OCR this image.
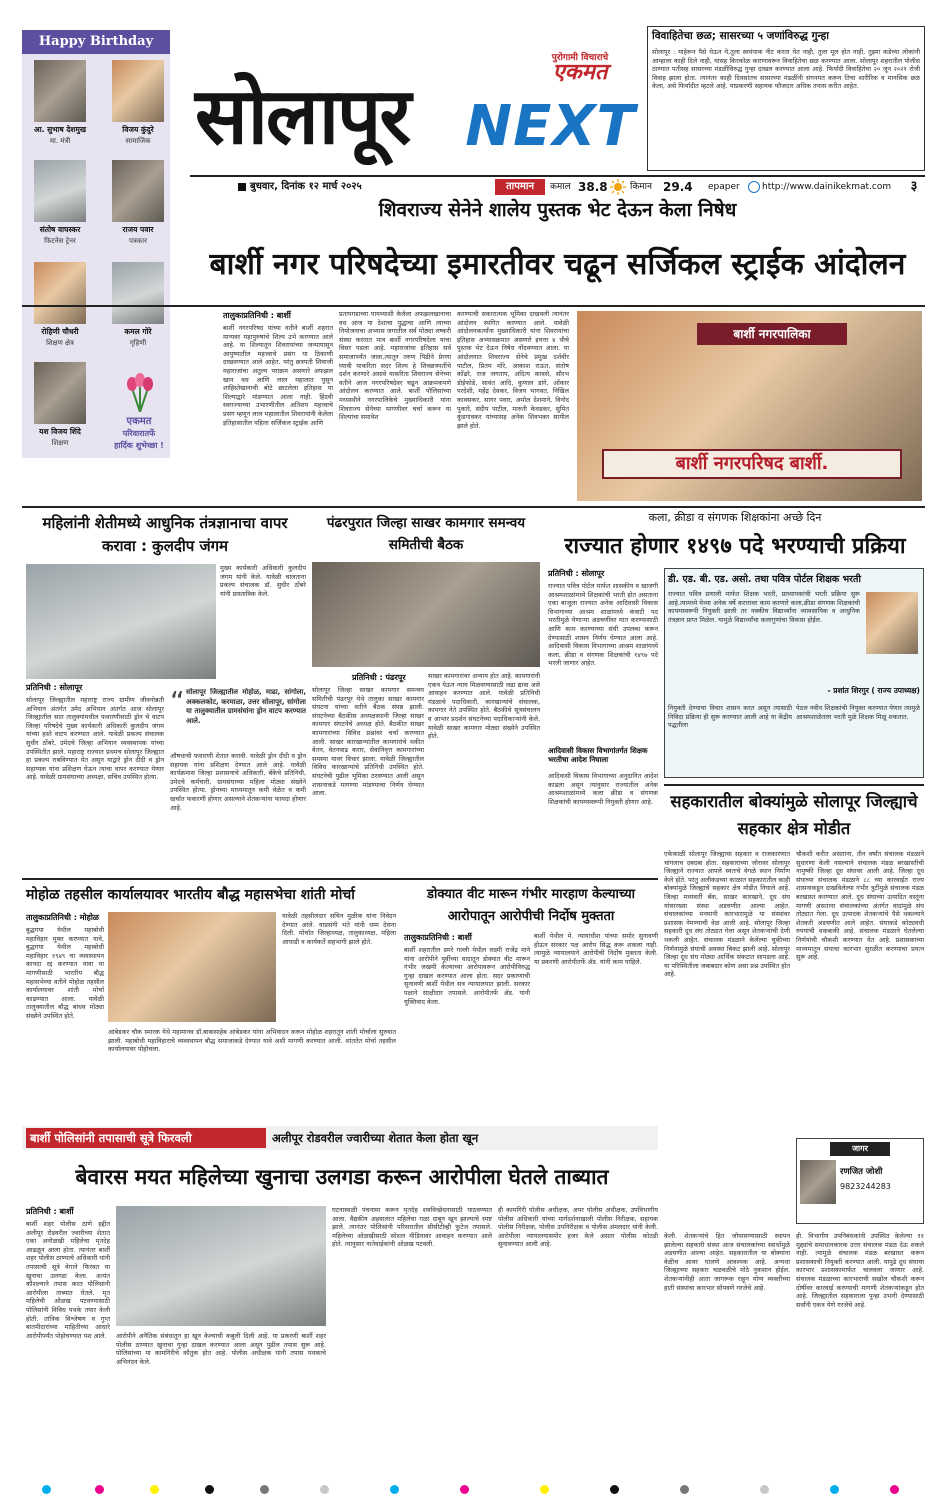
Happy Birthday
आ. सुभाष देशमुख
मा. मंत्री
विजय कुंदुरे
सामाजिक
संतोष वाघस्कर
फिटनेस ट्रेनर
राजय पवार
पत्रकार
रोहिणी चौधरी
शिक्षण क्षेत्र
कमल गोरे
गृहिणी
यश विजय शिंदे
शिक्षण
एकमत
परिवारातर्फे
हार्दिक शुभेच्छा !
सोलापूर
पुरोगामी विचाराचे
एकमत
NEXT
बुधवार, दिनांक १२ मार्च २०२५	तापमान	कमाल 38.8 किमान 29.4	epaper	http://www.dainikekmat.com	३
विवाहितेचा छळ; सासरच्या ५ जणांविरुद्ध गुन्हा
सोलापूर : माहेरून पैसे घेऊन ये,तुला स्वयंपाक नीट करता येत नाही, तुला मूल होत नाही, तुझ्या कडेच्या लोकांनी आम्हाला काही दिले नाही, यासह किरकोळ कारणावरून विवाहितेचा छळ करण्यात आला. सोलापूर शहरातील पोलीस ठाण्यात पतीसह सासरच्या मंडळींविरुद्ध गुन्हा दाखल करण्यात आला आहे. फिर्यादी विवाहितेचा २० जून २०२१ रोजी विवाह झाला होता. त्यानंतर काही दिवसांतच सासरच्या मंडळींनी संगनमत करून तिचा शारीरिक व मानसिक छळ केला, असे फिर्यादीत म्हटले आहे. याप्रकरणी सहायक फौजदार अधिक तपास करीत आहेत.
शिवराज्य सेनेने शालेय पुस्तक भेट देऊन केला निषेध
बार्शी नगर परिषदेच्या इमारतीवर चढून सर्जिकल स्ट्राईक आंदोलन
तालुकाप्रतिनिधी : बार्शी
बार्शी नगरपरिषद यांच्या वतीने बार्शी शहरात मान्यवर महापुरुषांचे शिल्प उभे करण्यात आले आहे. या शिल्पातून शिवरायांच्या जन्मापासून आयुष्यातील महत्त्वाचे प्रसंग या ठिकाणी दाखवण्यात आले आहेत. परंतु छत्रपती शिवाजी महाराजांचा अतुल्य पराक्रम असणारे अफझल खान वध आणि लाल महालात घुसून शाहिस्तेखानाची बोटे छाटलेला इतिहास या शिल्पाद्वारे मांडण्यात आला नाही. हिंदवी स्वराज्याच्या उभारणीतील अतिशय महत्त्वाचे प्रसंग म्हणून लाल महालातील शिवरायांनी केलेला इतिहासातील पहिला सर्जिकल स्ट्राईक आणि
प्रतापगडाच्या पायथ्याशी केलेला अफझलखानाचा वध आज या देशाचा युद्धाचा आणि त्याच्या नियोजनाचा अभ्यास जगातील सर्व मोठ्या लष्करी संस्था करतात मात्र बार्शी नगरपरिषदेला याचा विसर पडला आहे. महाराजांचा इतिहास सर्व समाजापर्यंत जावा,त्यातून तरुण पिढीने प्रेरणा घ्यावी याकरिता सदर शिल्प हे शिवछत्रपतींचे दर्शन करणारे असावे याकरिता शिवराज्य सेनेच्या वतीने आज नगरपरिषदेवर चढून आक्रमकपणे आंदोलन करण्यात आले. बार्शी पोलिसांच्या मध्यस्थीने नगरपालिकेचे मुख्याधिकारी यांना शिवराज्य सेनेच्या मागणीवर चर्चा करून या शिल्पांचा समावेश
करण्याची सकारात्मक भूमिका दाखवली त्यानंतर आंदोलन स्थगित करण्यात आले. यावेळी आंदोलनकर्त्यांना मुख्याधिकारी यांना शिवरायांचा इतिहास अभ्यासक्रमात असणारे इयत्ता ४ थीचे पुस्तक भेट देऊन निषेध नोंदवण्यात आला. या आंदोलनात शिवराज्य सेनेचे प्रमुख दर्शवीर पाटील, प्रितम मोरे, आकाश राऊत, संतोष कोंढरे, राज जगताप, अदित्य कावसे, सौरभ डोईफोडे, सावंत आदि, कुणाल डांगे, ओंकार परदेशी, महेंद्र देवकर, विजय भागवत, निखिल कावसकर, सागर पवार, अमोल देशमाने, विनोद पुकारे, संदीप पाटील, मारुती केवडकर, सुमित कुंडगावकर यांच्यासह अनेक शिवभक्त सामील झाले होते.
बार्शी नगरपालिका
बार्शी नगरपरिषद बार्शी.
महिलांनी शेतीमध्ये आधुनिक तंत्रज्ञानाचा वापर करावा : कुलदीप जंगम
मुख्य कार्यकारी अधिकारी कुलदीप जंगम यांनी केले. यावेळी चालताना प्रकल्प संचालक डॉ. सुधीर ठोंबरे यांनी प्रास्ताविक केले.
प्रतिनिधी : सोलापूर	“ सोलापूर जिल्ह्यातील मोहोळ, माढा, सांगोला, अक्कलकोट, करमाळा, उत्तर सोलापूर, सांगोला या तालुक्यातील ग्रामसंघांना ड्रोन वाटप करण्यात आले.
सोलापूर जिल्ह्यातील महाराष्ट्र राज्य ग्रामीण जीवनोन्नती अभियान अंतर्गत उमेद अभियान अंतर्गत आज सोलापूर जिल्ह्यातील सात तालुक्यांमधील फवारणीसाठी ड्रोन चे वाटप जिल्हा परिषदेचे मुख्य कार्यकारी अधिकारी कुलदीप जंगम यांच्या हस्ते वाटप करण्यात आले. यावेळी प्रकल्प संचालक सुधीर ठोंबरे, उमेदचे जिल्हा अभियान व्यवस्थापक यांच्या उपस्थितीत झाले. महाराष्ट्र राज्यात प्रथमच सोलापूर जिल्ह्यात हा प्रकल्प राबविण्यात येत असून याद्वारे ड्रोन दीदी व ड्रोन सहाय्यक यांना प्रशिक्षण घेऊन त्याचा वापर करण्यात येणार आहे. यावेळी ग्रामसंघाच्या अध्यक्षा, सचिव उपस्थित होत्या.
औषधाची फवारणी शेतात करावी. यावेळी ड्रोन दीदी व ड्रोन सहायक यांना प्रशिक्षण देण्यात आले आहे. यावेळी कार्यक्रमास जिल्हा प्रशासनाचे अधिकारी, बँकेचे प्रतिनिधी, उमेदचे कर्मचारी, ग्रामसंघाच्या महिला मोठ्या संख्येने उपस्थित होत्या. ड्रोनच्या माध्यमातून कमी वेळेत व कमी खर्चात फवारणी होणार असल्याने शेतकऱ्यांना फायदा होणार आहे.
पंढरपुरात जिल्हा साखर कामगार समन्वय समितीची बैठक
प्रतिनिधी : पंढरपूर
सोलापूर जिल्हा साखर कामगार समन्वय समितीची पंढरपूर येथे तालुका साखर कामगार संघटना यांच्या वतीने बैठक संपन्न झाली. संघटनेच्या बैठकीस अध्यक्षस्थानी जिल्हा साखर कामगार संघटनेचे अध्यक्ष होते. बैठकीत साखर कामगारांच्या विविध प्रश्नांवर चर्चा करण्यात आली. साखर कारखान्यांतील कामगारांचे थकीत वेतन, वेतनवाढ करार, सेवानिवृत्त कामगारांच्या समस्या यावर विचार झाला. यावेळी जिल्ह्यातील विविध कारखान्यांचे प्रतिनिधी उपस्थित होते. संघटनेची पुढील भूमिका ठरवण्यात आली असून शासनाकडे मागण्या मांडण्याचा निर्णय घेण्यात आला.
साखर कामगारांवर अन्याय होत आहे. कामगारांनी एकत्र येऊन न्याय मिळवण्यासाठी लढा द्यावा असे आवाहन करण्यात आले. यावेळी प्रतिनिधी मंडळाचे पदाधिकारी, कारखान्यांचे संचालक, कामगार नेते उपस्थित होते. बैठकीचे सूत्रसंचालन व आभार प्रदर्शन संघटनेच्या पदाधिकाऱ्यांनी केले. यावेळी साखर कामगार मोठ्या संख्येने उपस्थित होते.
कला, क्रीडा व संगणक शिक्षकांना अच्छे दिन
राज्यात होणार १४९७ पदे भरण्याची प्रक्रिया
प्रतिनिधी : सोलापूर
राज्यात पवित्र पोर्टल मार्फत शासकीय व खाजगी आश्रमशाळांमध्ये शिक्षकांची भरती होत असताना एका बाजूला राज्यात अनेक आदिवासी विकास विभागाच्या आश्रम शाळांमध्ये कंत्राटी पद भरतीमुळे येणाऱ्या अडचणींवर मात करण्यासाठी आणि काम करण्याच्या संधी उपलब्ध करून देण्यासाठी शासन निर्णय घेण्यात आला आहे. आदिवासी विकास विभागाच्या आश्रम शाळांमध्ये कला, क्रीडा व संगणक शिक्षकांची १४९७ पदे भरली जाणार आहेत.
आदिवासी विकास विभागांतर्गत शिक्षक भरतीचा आदेश निघाला
आदिवासी विकास विभागाच्या अनुदानित आदेश काढला असून त्यानुसार राज्यातील अनेक आश्रमशाळांमध्ये कला क्रीडा व संगणक शिक्षकांची कायमस्वरूपी नियुक्ती होणार आहे.
डी. एड. बी. एड. असो. तथा पवित्र पोर्टल शिक्षक भरती
राज्यात पवित्र प्रणाली मार्फत शिक्षक भरती, प्राध्यापकांची भरती प्रक्रिया सुरू आहे.त्यामध्ये येथ्या अनेक वर्षे करारावर काम करणारे कला,क्रीडा संगणक शिक्षकांची कायमस्वरूपी नियुक्ती झाली तर नक्कीच विद्यार्थ्यांना व्यावसायिक व आधुनिक तंत्रज्ञान प्राप्त मिळेल. यामुळे विद्यार्थ्यांचा कलागुणांचा विकास होईल.
- प्रशांत शिरगुर ( राज्य उपाध्यक्ष)
नियुक्ती देण्याचा विचार शासन करत असून त्यासाठी निविदा प्रक्रिया ही सुरू करण्यात आली आहे या केंद्रीय पद्धतीला
पेठल नवीन शिक्षकांची नियुक्त करण्यात येणार त्यामुळे आश्रमशाळेतला भरती मुळे शिक्षक मिळू शकतात.
सहकारातील बोक्यांमुळे सोलापूर जिल्ह्याचे सहकार क्षेत्र मोडीत
एकेकाळी सोलापूर जिल्ह्याचा सहकार व राजकारणात चांगलाच दबदबा होता. सहकाराच्या जोरावर सोलापूर जिल्ह्याने राज्यात आपले स्वतःचे वेगळे स्थान निर्माण केले होते. परंतु अलीकडच्या काळात सहकारातील काही बोक्यांमुळे जिल्ह्याचे सहकार क्षेत्र मोडीत निघाले आहे. जिल्हा मध्यवर्ती बँक, साखर कारखाने, दूध संघ यांसारख्या संस्था अडचणीत आल्या आहेत. संचालकांच्या मनमानी कारभारामुळे या संस्थांवर प्रशासक नेमण्याची वेळ आली आहे. सोलापूर जिल्हा सहकारी दूध संघ तोट्यात गेला असून शेतकऱ्यांची देणी थकली आहेत. संचालक मंडळाने केलेल्या चुकीच्या निर्णयांमुळे संघाची अवस्था बिकट झाली आहे. सोलापूर जिल्हा दूध संघ मोठ्या आर्थिक संकटात सापडला आहे. या परिस्थितीला जबाबदार कोण असा प्रश्न उपस्थित होत आहे.
चौकशी करीत असताना, तीन वर्षांत संचालक मंडळाने सुधारणा केली नसल्याने संचालक मंडळ बरखास्तीची नामुष्की जिल्हा दूध संघावर आली आहे. जिल्हा दूध संघाच्या संचालक मंडळाने ८८ च्या कारवाईत राज्य शासनाकडून दाखविलेल्या गंभीर त्रुटींमुळे संचालक मंडळ बरखास्त करण्यात आले. दूध संघाच्या उत्पादित वस्तूंना मागणी असताना संचालकांच्या अंतर्गत वादांमुळे संघ तोट्यात गेला. दूध उत्पादक शेतकऱ्यांचे पैसे थकल्याने शेतकरी अडचणीत आले आहेत. संघाकडे कोट्यवधी रुपयांची थकबाकी आहे. संचालक मंडळाने घेतलेल्या निर्णयांची चौकशी करण्यात येत आहे. प्रशासकाच्या माध्यमातून संघाचा कारभार सुरळीत करण्याचा प्रयत्न सुरू आहे.
जागर
रणजित जोशी
9823244283
केली. शेतकऱ्यांचे हित जोपासण्यासाठी स्थापन झालेल्या सहकारी संस्था आज संचालकांच्या स्वार्थामुळे अडचणीत आल्या आहेत. सहकारातील या बोक्यांना वेळीच आवर घालणे आवश्यक आहे. अन्यथा जिल्ह्याच्या सहकार चळवळीचे मोठे नुकसान होईल. शेतकऱ्यांनीही आता जागरूक राहून योग्य व्यक्तींच्या हाती संस्थांचा कारभार सोपवणे गरजेचे आहे.
ही. विभागीय उपनिबंधकांनी उपस्थित केलेल्या ११ मुद्द्यांचे समाधानकारक उत्तर संचालक मंडळ देऊ शकले नाही. त्यामुळे संचालक मंडळ बरखास्त करून प्रशासकाची नियुक्ती करण्यात आली. यापुढे दूध संघाचा कारभार प्रशासकामार्फत चालवला जाणार आहे. संचालक मंडळाच्या कारभाराची सखोल चौकशी करून दोषींवर कारवाई करण्याची मागणी शेतकऱ्यांकडून होत आहे. जिल्ह्यातील सहकाराला पुन्हा उभारी देण्यासाठी सर्वांनी एकत्र येणे गरजेचे आहे.
मोहोळ तहसील कार्यालयावर भारतीय बौद्ध महासभेचा शांती मोर्चा
तालुकाप्रतिनिधी : मोहोळ
बुद्धगया येथील महाबोधी महाविहार मुक्त करण्यात यावे, बुद्धगया येथील महाबोधी महाविहार १९४९ चा व्यवस्थापन कायदा रद्द करण्यात यावा या मागणीसाठी भारतीय बौद्ध महासभेच्या वतीने मोहोळ तहसील कार्यालयावर शांती मोर्चा काढण्यात आला. यावेळी तालुक्यातील बौद्ध बांधव मोठ्या संख्येने उपस्थित होते.
यावेळी तहसीलदार सचिन मुळीक यांना निवेदन देण्यात आले. याप्रसंगी भंते यांनी धम्म देसना दिली. मोर्चात जिल्हाध्यक्ष, तालुकाध्यक्ष, महिला आघाडी व कार्यकर्ते सहभागी झाले होते.
आंबेडकर चौक स्मारक येथे महामानव डॉ.बाबासाहेब आंबेडकर यांना अभिवादन करून मोहोळ शहरातून शांती मोर्चाला सुरुवात झाली. महाबोधी महाविहाराचे व्यवस्थापन बौद्ध समाजाकडे देण्यात यावे अशी मागणी करण्यात आली. शांततेत मोर्चा तहसील कार्यालयावर पोहोचला.
डोक्यात वीट मारून गंभीर मारहाण केल्याच्या आरोपातून आरोपीची निर्दोष मुक्तता
तालुकाप्रतिनिधी : बार्शी
बार्शी शहरातील डमरे गल्ली येथील लक्ष्मी राजेंद्र माने यांना आरोपीने पूर्वीच्या वादातून डोक्यात वीट मारून गंभीर जखमी केल्याच्या आरोपावरून आरोपीविरुद्ध गुन्हा दाखल करण्यात आला होता. सदर प्रकरणाची सुनावणी बार्शी येथील सत्र न्यायालयात झाली. सरकार पक्षाने साक्षीदार तपासले. आरोपीतर्फे ॲड. यांनी युक्तिवाद केला.
बार्शी येथील मे. न्यायाधीश यांच्या समोर सुनावणी होऊन सरकार पक्ष आरोप सिद्ध करू शकला नाही. त्यामुळे न्यायालयाने आरोपीची निर्दोष मुक्तता केली. या प्रकरणी आरोपीतर्फे ॲड. यांनी काम पाहिले.
बार्शी पोलिसांनी तपासाची सूत्रे फिरवली	अलीपूर रोडवरील ज्वारीच्या शेतात केला होता खून
बेवारस मयत महिलेच्या खुनाचा उलगडा करून आरोपीला घेतले ताब्यात
प्रतिनिधी : बार्शी
बार्शी शहर पोलीस ठाणे हद्दीत अलीपूर रोडवरील ज्वारीच्या शेतात एका अनोळखी महिलेचा मृतदेह आढळून आला होता. त्यानंतर बार्शी शहर पोलीस ठाण्याचे अधिकारी यांनी तपासाची सूत्रे वेगाने फिरवत या खुनाचा उलगडा केला. अत्यंत कौशल्याने तपास करत पोलिसांनी आरोपीला ताब्यात घेतले. मृत महिलेची ओळख पटवण्यासाठी पोलिसांनी विविध पथके तयार केली होती. तांत्रिक विश्लेषण व गुप्त बातमीदारांच्या माहितीच्या आधारे आरोपीपर्यंत पोहोचण्यात यश आले.	आरोपीने अनैतिक संबंधातून हा खून केल्याची कबुली दिली आहे. या प्रकरणी बार्शी शहर पोलीस ठाण्यात खुनाचा गुन्हा दाखल करण्यात आला असून पुढील तपास सुरू आहे. पोलिसांच्या या कामगिरीचे कौतुक होत आहे. पोलीस अधीक्षक यांनी तपास पथकाचे अभिनंदन केले.
घटनास्थळी पंचनामा करून मृतदेह शवविच्छेदनासाठी पाठवण्यात आला. वैद्यकीय अहवालात महिलेचा गळा दाबून खून झाल्याचे स्पष्ट झाले. त्यानंतर पोलिसांनी परिसरातील सीसीटीव्ही फुटेज तपासले. महिलेच्या ओळखीसाठी सोशल मीडियावर आवाहन करण्यात आले होते. त्यानुसार नातेवाईकांनी ओळख पटवली.
ही कामगिरी पोलीस अधीक्षक, अपर पोलीस अधीक्षक, उपविभागीय पोलीस अधिकारी यांच्या मार्गदर्शनाखाली पोलीस निरीक्षक, सहायक पोलीस निरीक्षक, पोलीस उपनिरीक्षक व पोलीस अंमलदार यांनी केली. आरोपीला न्यायालयासमोर हजर केले असता पोलीस कोठडी सुनावण्यात आली आहे.
